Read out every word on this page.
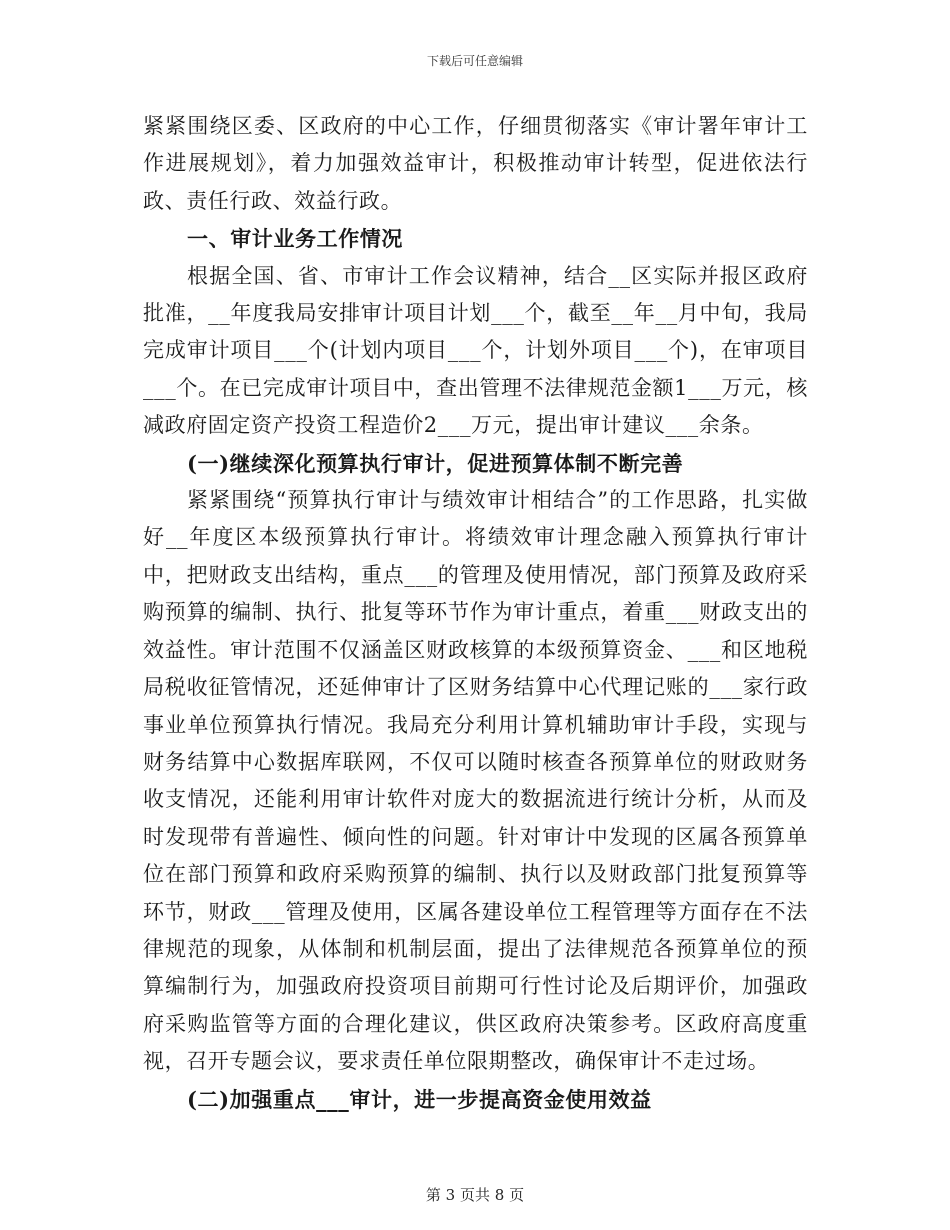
下载后可任意编辑

紧紧围绕区委、区政府的中心工作，仔细贯彻落实《审计署年审计工作进展规划》，着力加强效益审计，积极推动审计转型，促进依法行政、责任行政、效益行政。

一、审计业务工作情况

根据全国、省、市审计工作会议精神，结合__区实际并报区政府批准，__年度我局安排审计项目计划___个，截至__年__月中旬，我局完成审计项目___个(计划内项目___个，计划外项目___个)，在审项目___个。在已完成审计项目中，查出管理不法律规范金额1___万元，核减政府固定资产投资工程造价2___万元，提出审计建议___余条。

(一)继续深化预算执行审计，促进预算体制不断完善

紧紧围绕“预算执行审计与绩效审计相结合”的工作思路，扎实做好__年度区本级预算执行审计。将绩效审计理念融入预算执行审计中，把财政支出结构，重点___的管理及使用情况，部门预算及政府采购预算的编制、执行、批复等环节作为审计重点，着重___财政支出的效益性。审计范围不仅涵盖区财政核算的本级预算资金、___和区地税局税收征管情况，还延伸审计了区财务结算中心代理记账的___家行政事业单位预算执行情况。我局充分利用计算机辅助审计手段，实现与财务结算中心数据库联网，不仅可以随时核查各预算单位的财政财务收支情况，还能利用审计软件对庞大的数据流进行统计分析，从而及时发现带有普遍性、倾向性的问题。针对审计中发现的区属各预算单位在部门预算和政府采购预算的编制、执行以及财政部门批复预算等环节，财政___管理及使用，区属各建设单位工程管理等方面存在不法律规范的现象，从体制和机制层面，提出了法律规范各预算单位的预算编制行为，加强政府投资项目前期可行性讨论及后期评价，加强政府采购监管等方面的合理化建议，供区政府决策参考。区政府高度重视，召开专题会议，要求责任单位限期整改，确保审计不走过场。

(二)加强重点___审计，进一步提高资金使用效益

第 3 页共 8 页
